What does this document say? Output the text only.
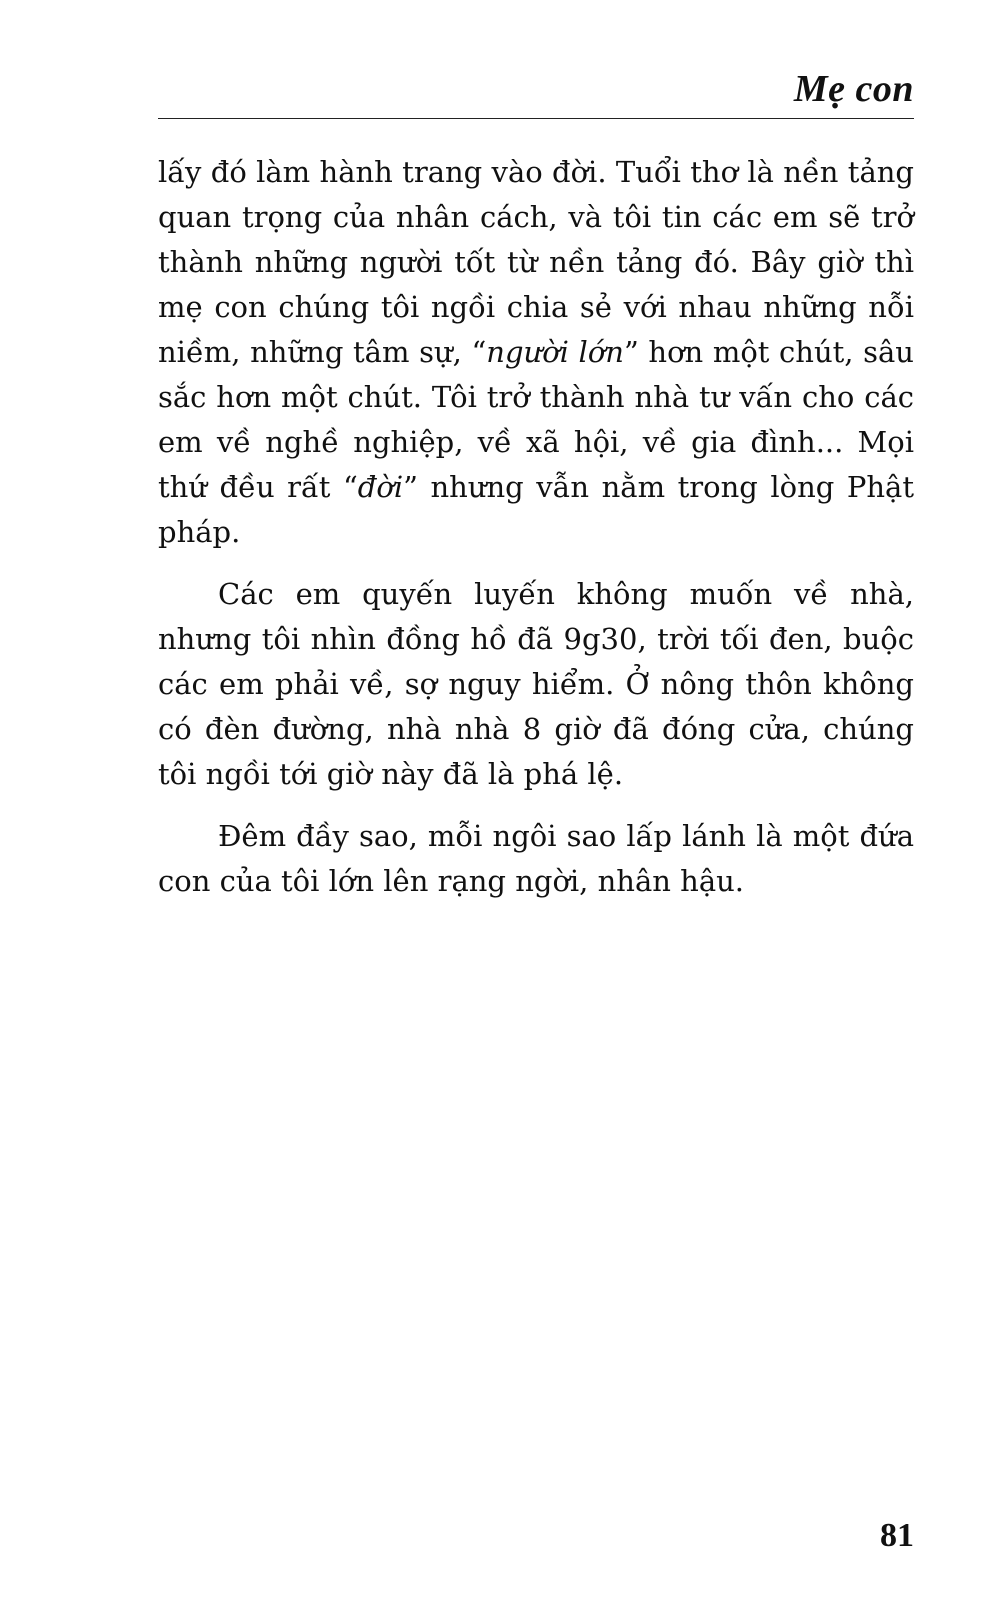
Mẹ con

lấy đó làm hành trang vào đời. Tuổi thơ là nền tảng quan trọng của nhân cách, và tôi tin các em sẽ trở thành những người tốt từ nền tảng đó. Bây giờ thì mẹ con chúng tôi ngồi chia sẻ với nhau những nỗi niềm, những tâm sự, “người lớn” hơn một chút, sâu sắc hơn một chút. Tôi trở thành nhà tư vấn cho các em về nghề nghiệp, về xã hội, về gia đình... Mọi thứ đều rất “đời” nhưng vẫn nằm trong lòng Phật pháp.

Các em quyến luyến không muốn về nhà, nhưng tôi nhìn đồng hồ đã 9g30, trời tối đen, buộc các em phải về, sợ nguy hiểm. Ở nông thôn không có đèn đường, nhà nhà 8 giờ đã đóng cửa, chúng tôi ngồi tới giờ này đã là phá lệ.

Đêm đầy sao, mỗi ngôi sao lấp lánh là một đứa con của tôi lớn lên rạng ngời, nhân hậu.

81
